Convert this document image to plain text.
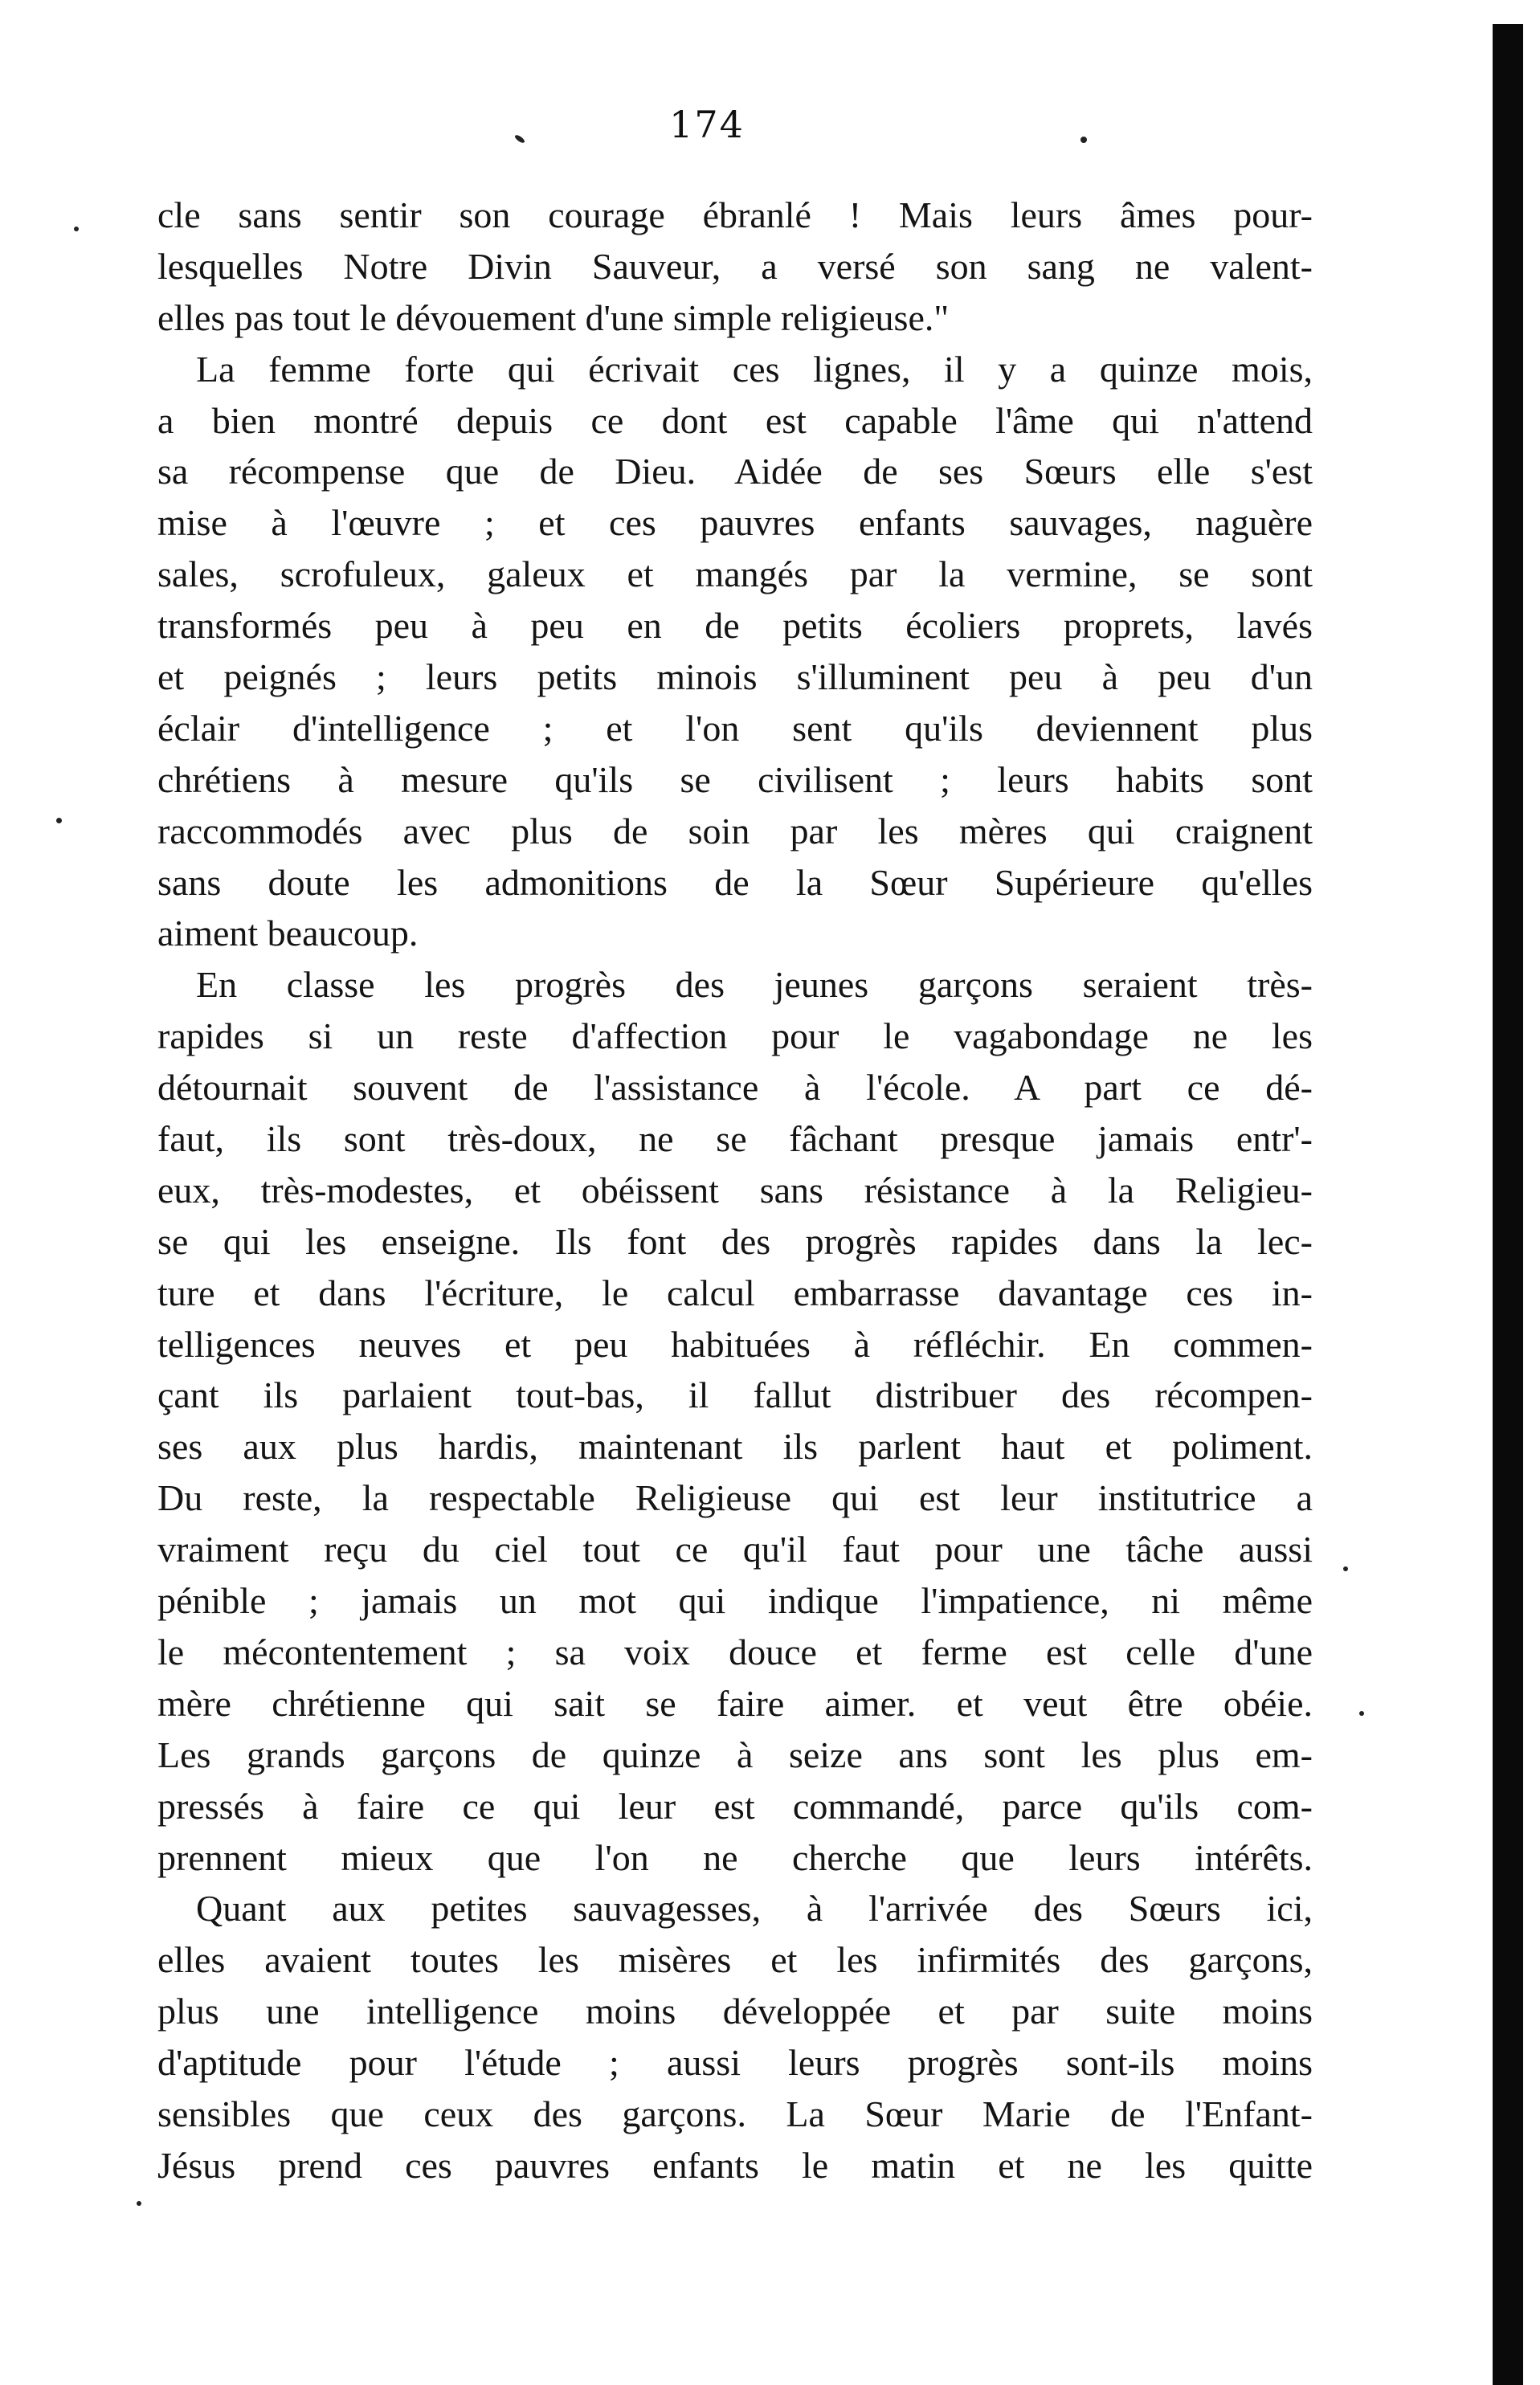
174
cle sans sentir son courage ébranlé ! Mais leurs âmes pour-
lesquelles Notre Divin Sauveur, a versé son sang ne valent-
elles pas tout le dévouement d'une simple religieuse."
La femme forte qui écrivait ces lignes, il y a quinze mois,
a bien montré depuis ce dont est capable l'âme qui n'attend
sa récompense que de Dieu. Aidée de ses Sœurs elle s'est
mise à l'œuvre ; et ces pauvres enfants sauvages, naguère
sales, scrofuleux, galeux et mangés par la vermine, se sont
transformés peu à peu en de petits écoliers proprets, lavés
et peignés ; leurs petits minois s'illuminent peu à peu d'un
éclair d'intelligence ; et l'on sent qu'ils deviennent plus
chrétiens à mesure qu'ils se civilisent ; leurs habits sont
raccommodés avec plus de soin par les mères qui craignent
sans doute les admonitions de la Sœur Supérieure qu'elles
aiment beaucoup.
En classe les progrès des jeunes garçons seraient très-
rapides si un reste d'affection pour le vagabondage ne les
détournait souvent de l'assistance à l'école. A part ce dé-
faut, ils sont très-doux, ne se fâchant presque jamais entr'-
eux, très-modestes, et obéissent sans résistance à la Religieu-
se qui les enseigne. Ils font des progrès rapides dans la lec-
ture et dans l'écriture, le calcul embarrasse davantage ces in-
telligences neuves et peu habituées à réfléchir. En commen-
çant ils parlaient tout-bas, il fallut distribuer des récompen-
ses aux plus hardis, maintenant ils parlent haut et poliment.
Du reste, la respectable Religieuse qui est leur institutrice a
vraiment reçu du ciel tout ce qu'il faut pour une tâche aussi
pénible ; jamais un mot qui indique l'impatience, ni même
le mécontentement ; sa voix douce et ferme est celle d'une
mère chrétienne qui sait se faire aimer. et veut être obéie.
Les grands garçons de quinze à seize ans sont les plus em-
pressés à faire ce qui leur est commandé, parce qu'ils com-
prennent mieux que l'on ne cherche que leurs intérêts.
Quant aux petites sauvagesses, à l'arrivée des Sœurs ici,
elles avaient toutes les misères et les infirmités des garçons,
plus une intelligence moins développée et par suite moins
d'aptitude pour l'étude ; aussi leurs progrès sont-ils moins
sensibles que ceux des garçons. La Sœur Marie de l'Enfant-
Jésus prend ces pauvres enfants le matin et ne les quitte
